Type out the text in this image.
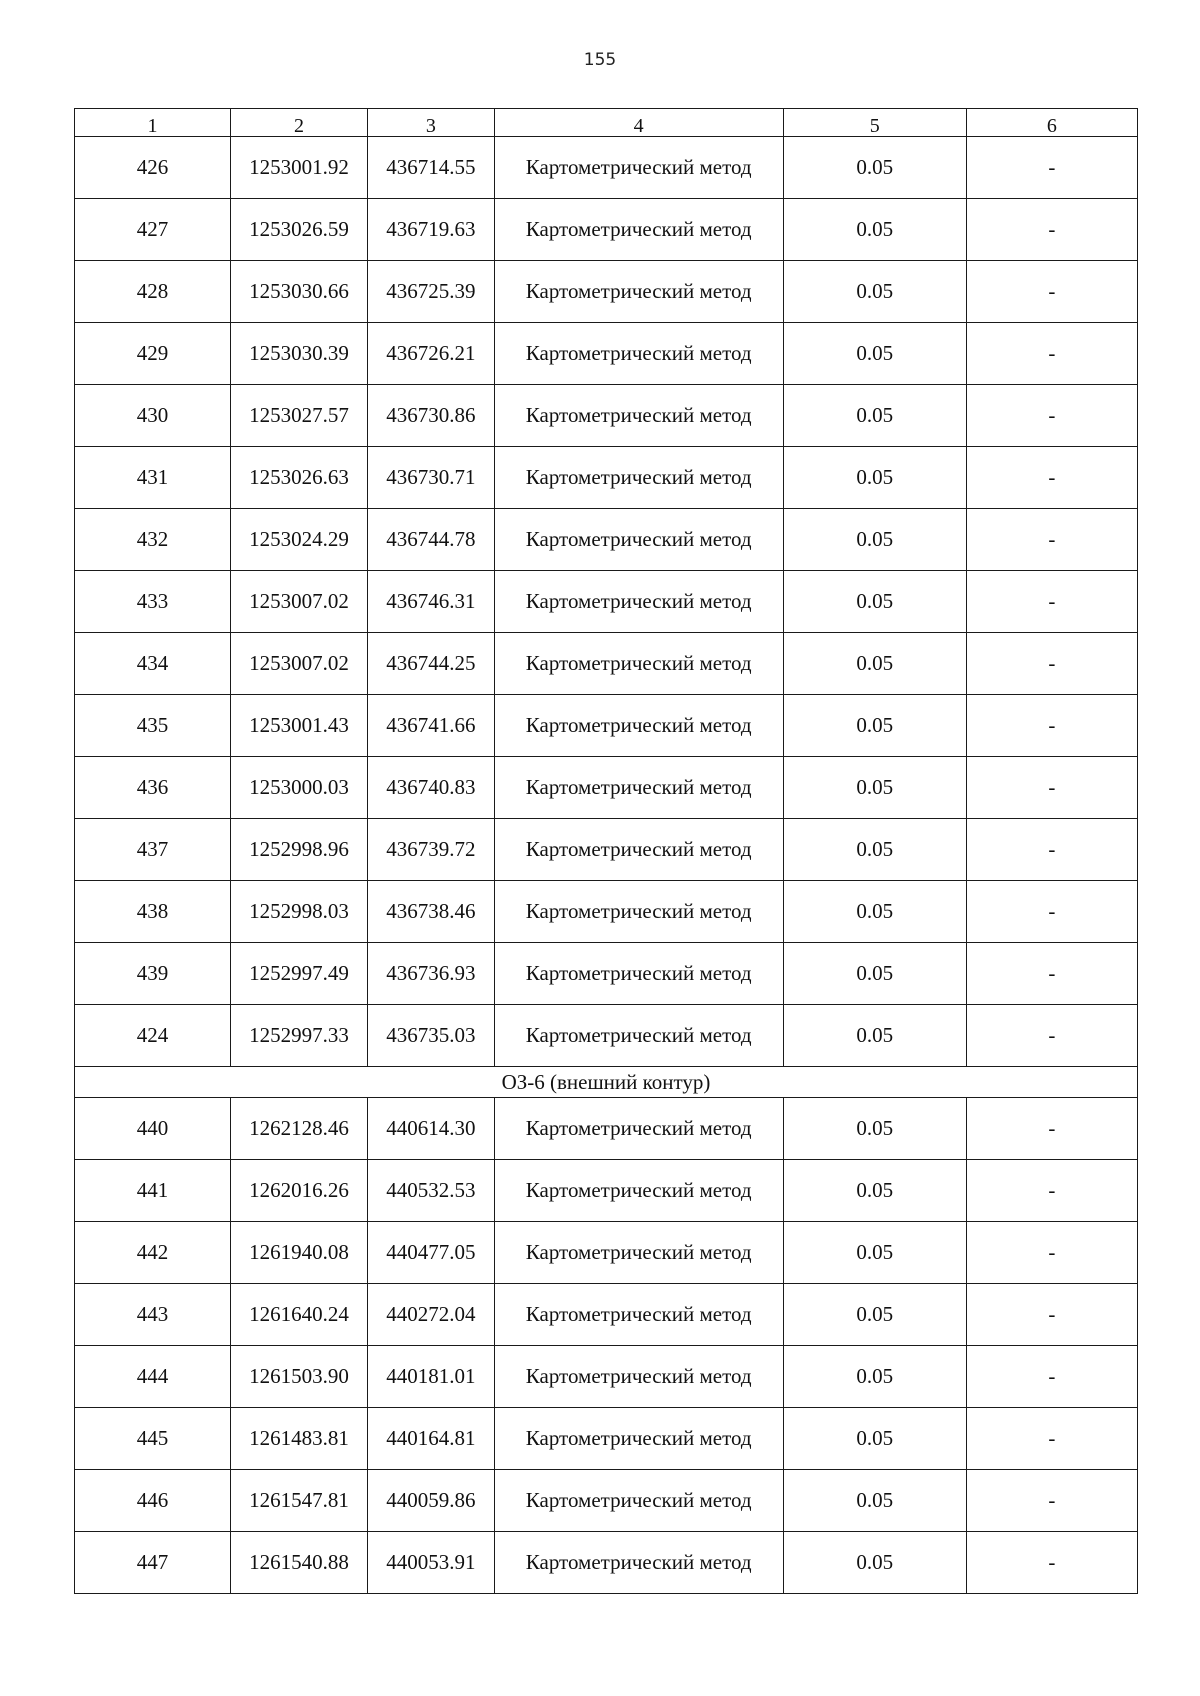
155
1	2	3	4	5	6
426	1253001.92	436714.55	Картометрический метод	0.05	-
427	1253026.59	436719.63	Картометрический метод	0.05	-
428	1253030.66	436725.39	Картометрический метод	0.05	-
429	1253030.39	436726.21	Картометрический метод	0.05	-
430	1253027.57	436730.86	Картометрический метод	0.05	-
431	1253026.63	436730.71	Картометрический метод	0.05	-
432	1253024.29	436744.78	Картометрический метод	0.05	-
433	1253007.02	436746.31	Картометрический метод	0.05	-
434	1253007.02	436744.25	Картометрический метод	0.05	-
435	1253001.43	436741.66	Картометрический метод	0.05	-
436	1253000.03	436740.83	Картометрический метод	0.05	-
437	1252998.96	436739.72	Картометрический метод	0.05	-
438	1252998.03	436738.46	Картометрический метод	0.05	-
439	1252997.49	436736.93	Картометрический метод	0.05	-
424	1252997.33	436735.03	Картометрический метод	0.05	-
ОЗ-6 (внешний контур)					
440	1262128.46	440614.30	Картометрический метод	0.05	-
441	1262016.26	440532.53	Картометрический метод	0.05	-
442	1261940.08	440477.05	Картометрический метод	0.05	-
443	1261640.24	440272.04	Картометрический метод	0.05	-
444	1261503.90	440181.01	Картометрический метод	0.05	-
445	1261483.81	440164.81	Картометрический метод	0.05	-
446	1261547.81	440059.86	Картометрический метод	0.05	-
447	1261540.88	440053.91	Картометрический метод	0.05	-
